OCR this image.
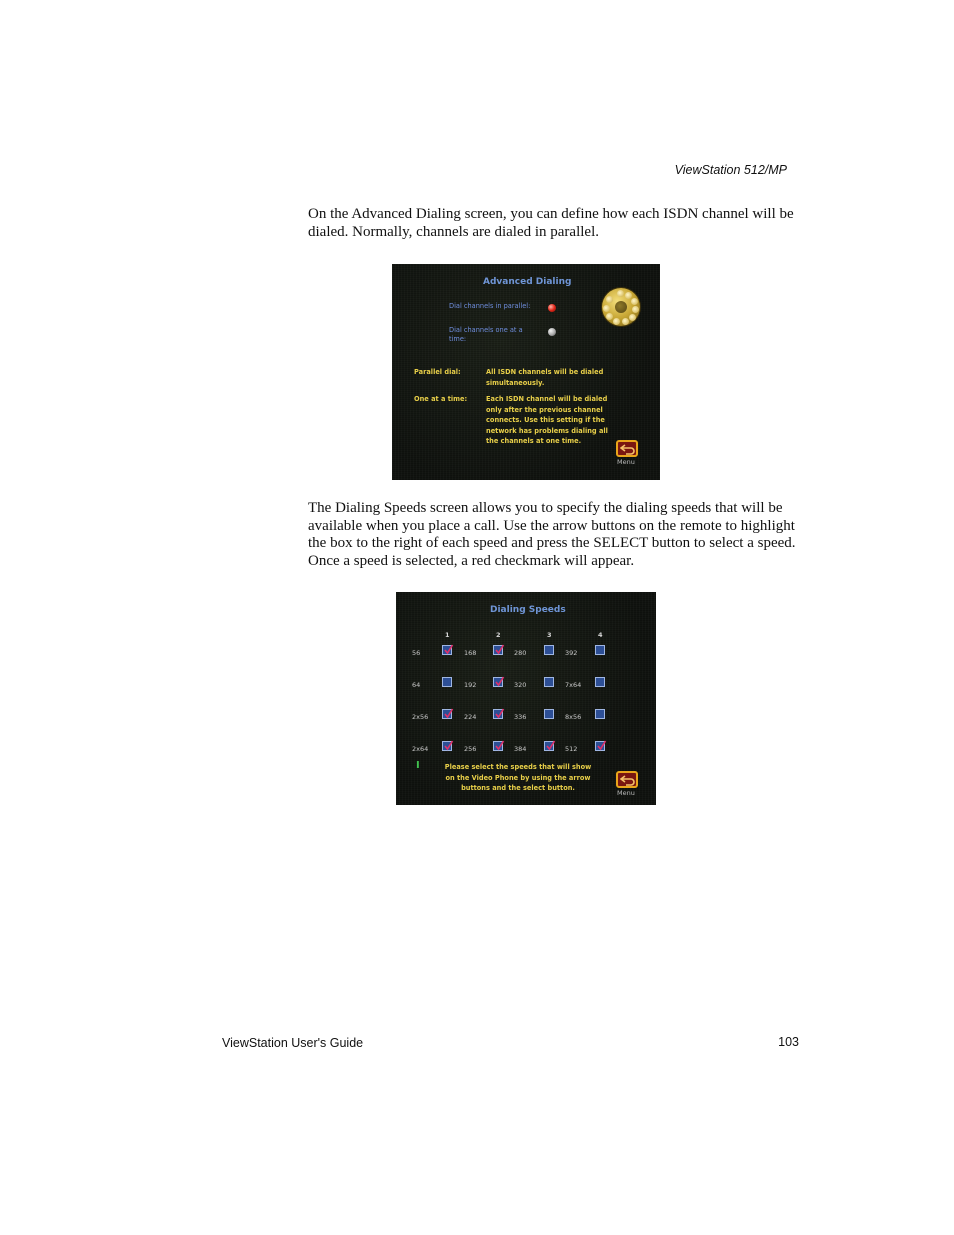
ViewStation 512/MP

On the Advanced Dialing screen, you can define how each ISDN channel will be dialed. Normally, channels are dialed in parallel.

Advanced Dialing
Dial channels in parallel:
Dial channels one at a
time:
Parallel dial:	All ISDN channels will be dialed
simultaneously.
One at a time:	Each ISDN channel will be dialed
only after the previous channel
connects. Use this setting if the
network has problems dialing all
the channels at one time.
Menu

The Dialing Speeds screen allows you to specify the dialing speeds that will be available when you place a call. Use the arrow buttons on the remote to highlight the box to the right of each speed and press the SELECT button to select a speed. Once a speed is selected, a red checkmark will appear.

Dialing Speeds
1	2	3	4
56	168	280	392
64	192	320	7x64
2x56	224	336	8x56
2x64	256	384	512
I	Please select the speeds that will show
on the Video Phone by using the arrow
buttons and the select button.
Menu
ViewStation User's Guide	103
